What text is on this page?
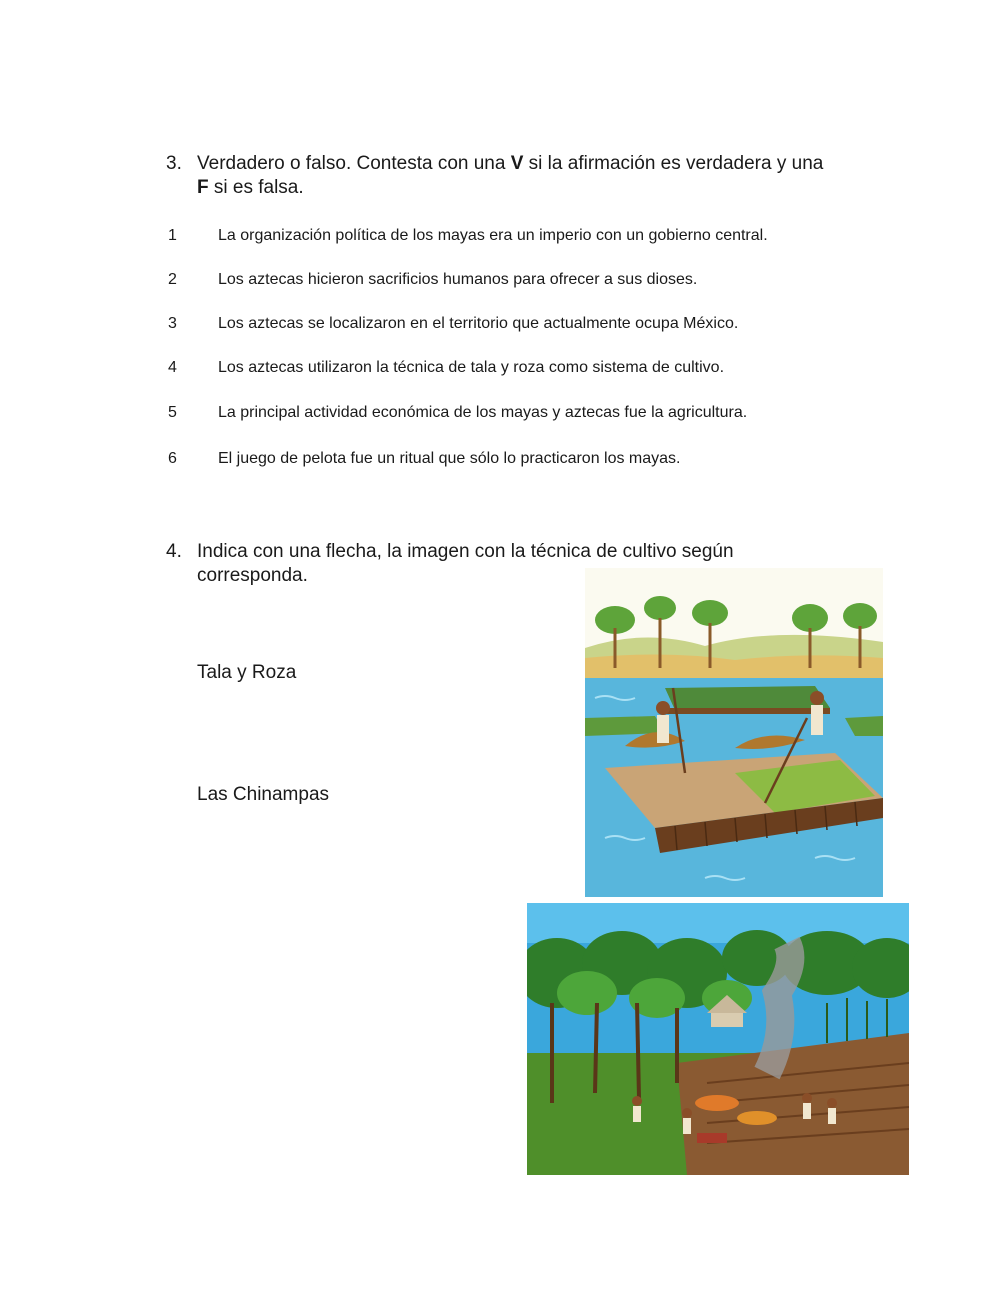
3. Verdadero o falso. Contesta con una V si la afirmación es verdadera y una
F si es falsa.
1	La organización política de los mayas era un imperio con un gobierno central.
2	Los aztecas hicieron sacrificios humanos para ofrecer a sus dioses.
3	Los aztecas se localizaron en el territorio que actualmente ocupa México.
4	Los aztecas utilizaron la técnica de tala y roza como sistema de cultivo.
5	La principal actividad económica de los mayas y aztecas fue la agricultura.
6	El juego de pelota fue un ritual que sólo lo practicaron los mayas.
4. Indica con una flecha, la imagen con la técnica de cultivo según corresponda.
Tala y Roza
Las Chinampas
